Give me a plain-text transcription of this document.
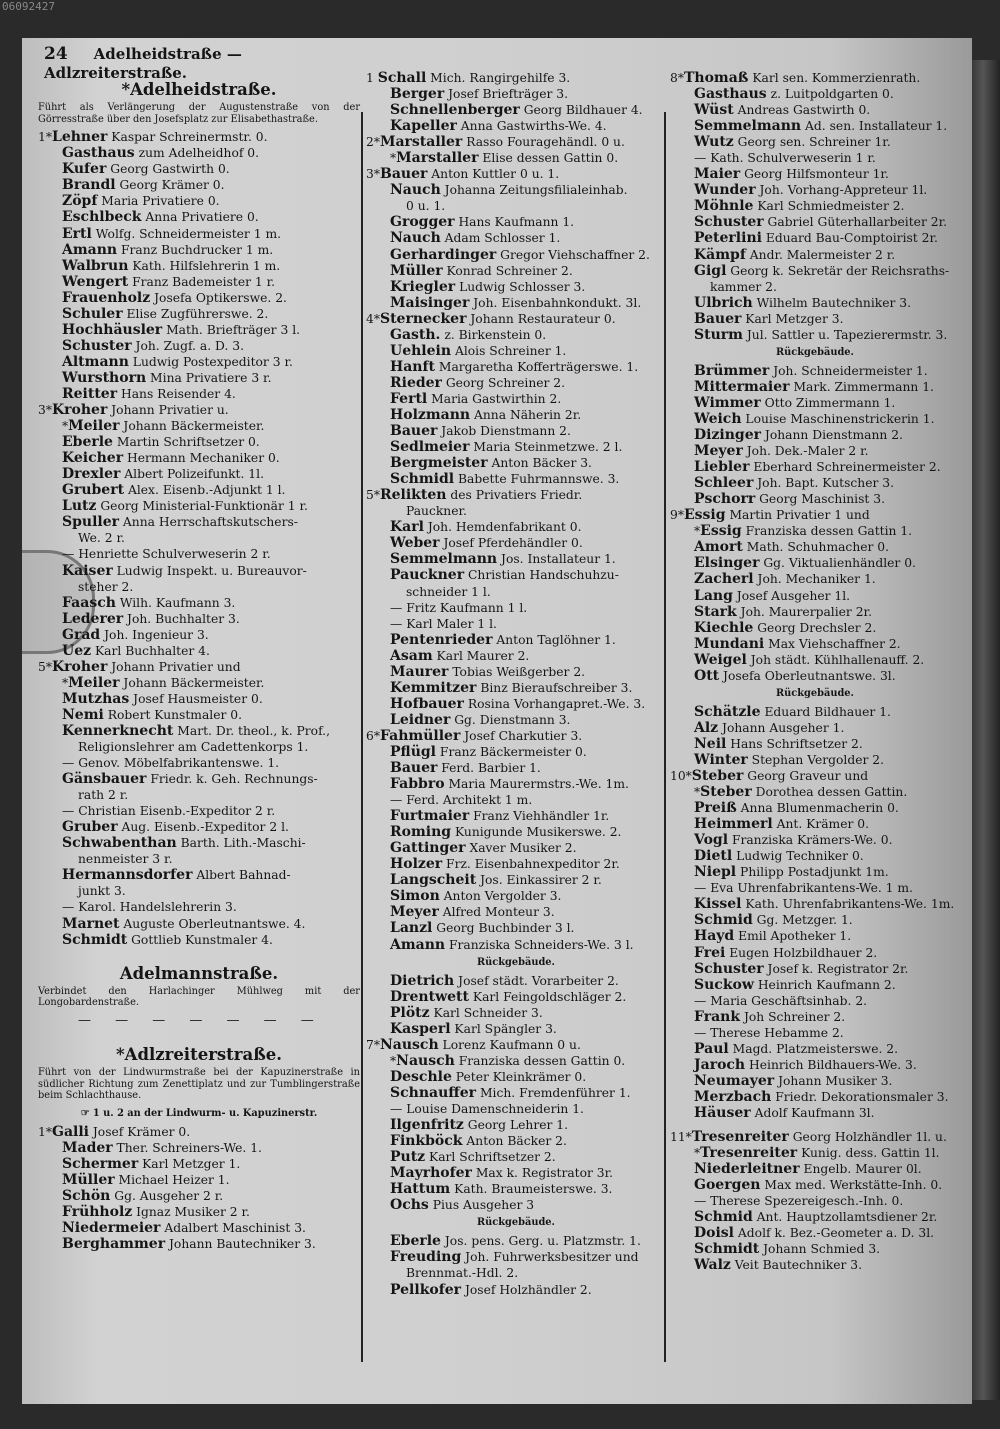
06092427
24 Adelheidstraße — Adlzreiterstraße.
*Adelheidstraße.
Führt als Verlängerung der Augustenstraße von der Görresstraße über den Josefsplatz zur Elisabethastraße.
1*Lehner Kaspar Schreinermstr. 0.
Gasthaus zum Adelheidhof 0.
Kufer Georg Gastwirth 0.
Brandl Georg Krämer 0.
Zöpf Maria Privatiere 0.
Eschlbeck Anna Privatiere 0.
Ertl Wolfg. Schneidermeister 1 m.
Amann Franz Buchdrucker 1 m.
Walbrun Kath. Hilfslehrerin 1 m.
Wengert Franz Bademeister 1 r.
Frauenholz Josefa Optikerswe. 2.
Schuler Elise Zugführerswe. 2.
Hochhäusler Math. Briefträger 3 l.
Schuster Joh. Zugf. a. D. 3.
Altmann Ludwig Postexpeditor 3 r.
Wursthorn Mina Privatiere 3 r.
Reitter Hans Reisender 4.
3*Kroher Johann Privatier u.
*Meiler Johann Bäckermeister.
Eberle Martin Schriftsetzer 0.
Keicher Hermann Mechaniker 0.
Drexler Albert Polizeifunkt. 1l.
Grubert Alex. Eisenb.-Adjunkt 1 l.
Lutz Georg Ministerial-Funktionär 1 r.
Spuller Anna Herrschaftskutschers-
We. 2 r.
— Henriette Schulverweserin 2 r.
Kaiser Ludwig Inspekt. u. Bureauvor-
steher 2.
Faasch Wilh. Kaufmann 3.
Lederer Joh. Buchhalter 3.
Grad Joh. Ingenieur 3.
Uez Karl Buchhalter 4.
5*Kroher Johann Privatier und
*Meiler Johann Bäckermeister.
Mutzhas Josef Hausmeister 0.
Nemi Robert Kunstmaler 0.
Kennerknecht Mart. Dr. theol., k. Prof.,
Religionslehrer am Cadettenkorps 1.
— Genov. Möbelfabrikantenswe. 1.
Gänsbauer Friedr. k. Geh. Rechnungs-
rath 2 r.
— Christian Eisenb.-Expeditor 2 r.
Gruber Aug. Eisenb.-Expeditor 2 l.
Schwabenthan Barth. Lith.-Maschi-
nenmeister 3 r.
Hermannsdorfer Albert Bahnad-
junkt 3.
— Karol. Handelslehrerin 3.
Marnet Auguste Oberleutnantswe. 4.
Schmidt Gottlieb Kunstmaler 4.
Adelmannstraße.
Verbindet den Harlachinger Mühlweg mit der Longobardenstraße.
— — — — — — —
*Adlzreiterstraße.
Führt von der Lindwurmstraße bei der Kapuzinerstraße in südlicher Richtung zum Zenettiplatz und zur Tumblingerstraße beim Schlachthause.
☞ 1 u. 2 an der Lindwurm- u. Kapuzinerstr.
1*Galli Josef Krämer 0.
Mader Ther. Schreiners-We. 1.
Schermer Karl Metzger 1.
Müller Michael Heizer 1.
Schön Gg. Ausgeher 2 r.
Frühholz Ignaz Musiker 2 r.
Niedermeier Adalbert Maschinist 3.
Berghammer Johann Bautechniker 3.
1 Schall Mich. Rangirgehilfe 3.
Berger Josef Briefträger 3.
Schnellenberger Georg Bildhauer 4.
Kapeller Anna Gastwirths-We. 4.
2*Marstaller Rasso Fouragehändl. 0 u.
*Marstaller Elise dessen Gattin 0.
3*Bauer Anton Kuttler 0 u. 1.
Nauch Johanna Zeitungsfilialeinhab.
0 u. 1.
Grogger Hans Kaufmann 1.
Nauch Adam Schlosser 1.
Gerhardinger Gregor Viehschaffner 2.
Müller Konrad Schreiner 2.
Kriegler Ludwig Schlosser 3.
Maisinger Joh. Eisenbahnkondukt. 3l.
4*Sternecker Johann Restaurateur 0.
Gasth. z. Birkenstein 0.
Uehlein Alois Schreiner 1.
Hanft Margaretha Kofferträgerswe. 1.
Rieder Georg Schreiner 2.
Fertl Maria Gastwirthin 2.
Holzmann Anna Näherin 2r.
Bauer Jakob Dienstmann 2.
Sedlmeier Maria Steinmetzwe. 2 l.
Bergmeister Anton Bäcker 3.
Schmidl Babette Fuhrmannswe. 3.
5*Relikten des Privatiers Friedr.
Pauckner.
Karl Joh. Hemdenfabrikant 0.
Weber Josef Pferdehändler 0.
Semmelmann Jos. Installateur 1.
Pauckner Christian Handschuhzu-
schneider 1 l.
— Fritz Kaufmann 1 l.
— Karl Maler 1 l.
Pentenrieder Anton Taglöhner 1.
Asam Karl Maurer 2.
Maurer Tobias Weißgerber 2.
Kemmitzer Binz Bieraufschreiber 3.
Hofbauer Rosina Vorhangapret.-We. 3.
Leidner Gg. Dienstmann 3.
6*Fahmüller Josef Charkutier 3.
Pflügl Franz Bäckermeister 0.
Bauer Ferd. Barbier 1.
Fabbro Maria Maurermstrs.-We. 1m.
— Ferd. Architekt 1 m.
Furtmaier Franz Viehhändler 1r.
Roming Kunigunde Musikerswe. 2.
Gattinger Xaver Musiker 2.
Holzer Frz. Eisenbahnexpeditor 2r.
Langscheit Jos. Einkassirer 2 r.
Simon Anton Vergolder 3.
Meyer Alfred Monteur 3.
Lanzl Georg Buchbinder 3 l.
Amann Franziska Schneiders-We. 3 l.
Rückgebäude.
Dietrich Josef städt. Vorarbeiter 2.
Drentwett Karl Feingoldschläger 2.
Plötz Karl Schneider 3.
Kasperl Karl Spängler 3.
7*Nausch Lorenz Kaufmann 0 u.
*Nausch Franziska dessen Gattin 0.
Deschle Peter Kleinkrämer 0.
Schnauffer Mich. Fremdenführer 1.
— Louise Damenschneiderin 1.
Ilgenfritz Georg Lehrer 1.
Finkböck Anton Bäcker 2.
Putz Karl Schriftsetzer 2.
Mayrhofer Max k. Registrator 3r.
Hattum Kath. Braumeisterswe. 3.
Ochs Pius Ausgeher 3
Rückgebäude.
Eberle Jos. pens. Gerg. u. Platzmstr. 1.
Freuding Joh. Fuhrwerksbesitzer und
Brennmat.-Hdl. 2.
Pellkofer Josef Holzhändler 2.
8*Thomaß Karl sen. Kommerzienrath.
Gasthaus z. Luitpoldgarten 0.
Wüst Andreas Gastwirth 0.
Semmelmann Ad. sen. Installateur 1.
Wutz Georg sen. Schreiner 1r.
— Kath. Schulverweserin 1 r.
Maier Georg Hilfsmonteur 1r.
Wunder Joh. Vorhang-Appreteur 1l.
Möhnle Karl Schmiedmeister 2.
Schuster Gabriel Güterhallarbeiter 2r.
Peterlini Eduard Bau-Comptoirist 2r.
Kämpf Andr. Malermeister 2 r.
Gigl Georg k. Sekretär der Reichsraths-
kammer 2.
Ulbrich Wilhelm Bautechniker 3.
Bauer Karl Metzger 3.
Sturm Jul. Sattler u. Tapezierermstr. 3.
Rückgebäude.
Brümmer Joh. Schneidermeister 1.
Mittermaier Mark. Zimmermann 1.
Wimmer Otto Zimmermann 1.
Weich Louise Maschinenstrickerin 1.
Dizinger Johann Dienstmann 2.
Meyer Joh. Dek.-Maler 2 r.
Liebler Eberhard Schreinermeister 2.
Schleer Joh. Bapt. Kutscher 3.
Pschorr Georg Maschinist 3.
9*Essig Martin Privatier 1 und
*Essig Franziska dessen Gattin 1.
Amort Math. Schuhmacher 0.
Elsinger Gg. Viktualienhändler 0.
Zacherl Joh. Mechaniker 1.
Lang Josef Ausgeher 1l.
Stark Joh. Maurerpalier 2r.
Kiechle Georg Drechsler 2.
Mundani Max Viehschaffner 2.
Weigel Joh städt. Kühlhallenauff. 2.
Ott Josefa Oberleutnantswe. 3l.
Rückgebäude.
Schätzle Eduard Bildhauer 1.
Alz Johann Ausgeher 1.
Neil Hans Schriftsetzer 2.
Winter Stephan Vergolder 2.
10*Steber Georg Graveur und
*Steber Dorothea dessen Gattin.
Preiß Anna Blumenmacherin 0.
Heimmerl Ant. Krämer 0.
Vogl Franziska Krämers-We. 0.
Dietl Ludwig Techniker 0.
Niepl Philipp Postadjunkt 1m.
— Eva Uhrenfabrikantens-We. 1 m.
Kissel Kath. Uhrenfabrikantens-We. 1m.
Schmid Gg. Metzger. 1.
Hayd Emil Apotheker 1.
Frei Eugen Holzbildhauer 2.
Schuster Josef k. Registrator 2r.
Suckow Heinrich Kaufmann 2.
— Maria Geschäftsinhab. 2.
Frank Joh Schreiner 2.
— Therese Hebamme 2.
Paul Magd. Platzmeisterswe. 2.
Jaroch Heinrich Bildhauers-We. 3.
Neumayer Johann Musiker 3.
Merzbach Friedr. Dekorationsmaler 3.
Häuser Adolf Kaufmann 3l.
11*Tresenreiter Georg Holzhändler 1l. u.
*Tresenreiter Kunig. dess. Gattin 1l.
Niederleitner Engelb. Maurer 0l.
Goergen Max med. Werkstätte-Inh. 0.
— Therese Spezereigesch.-Inh. 0.
Schmid Ant. Hauptzollamtsdiener 2r.
Doisl Adolf k. Bez.-Geometer a. D. 3l.
Schmidt Johann Schmied 3.
Walz Veit Bautechniker 3.
